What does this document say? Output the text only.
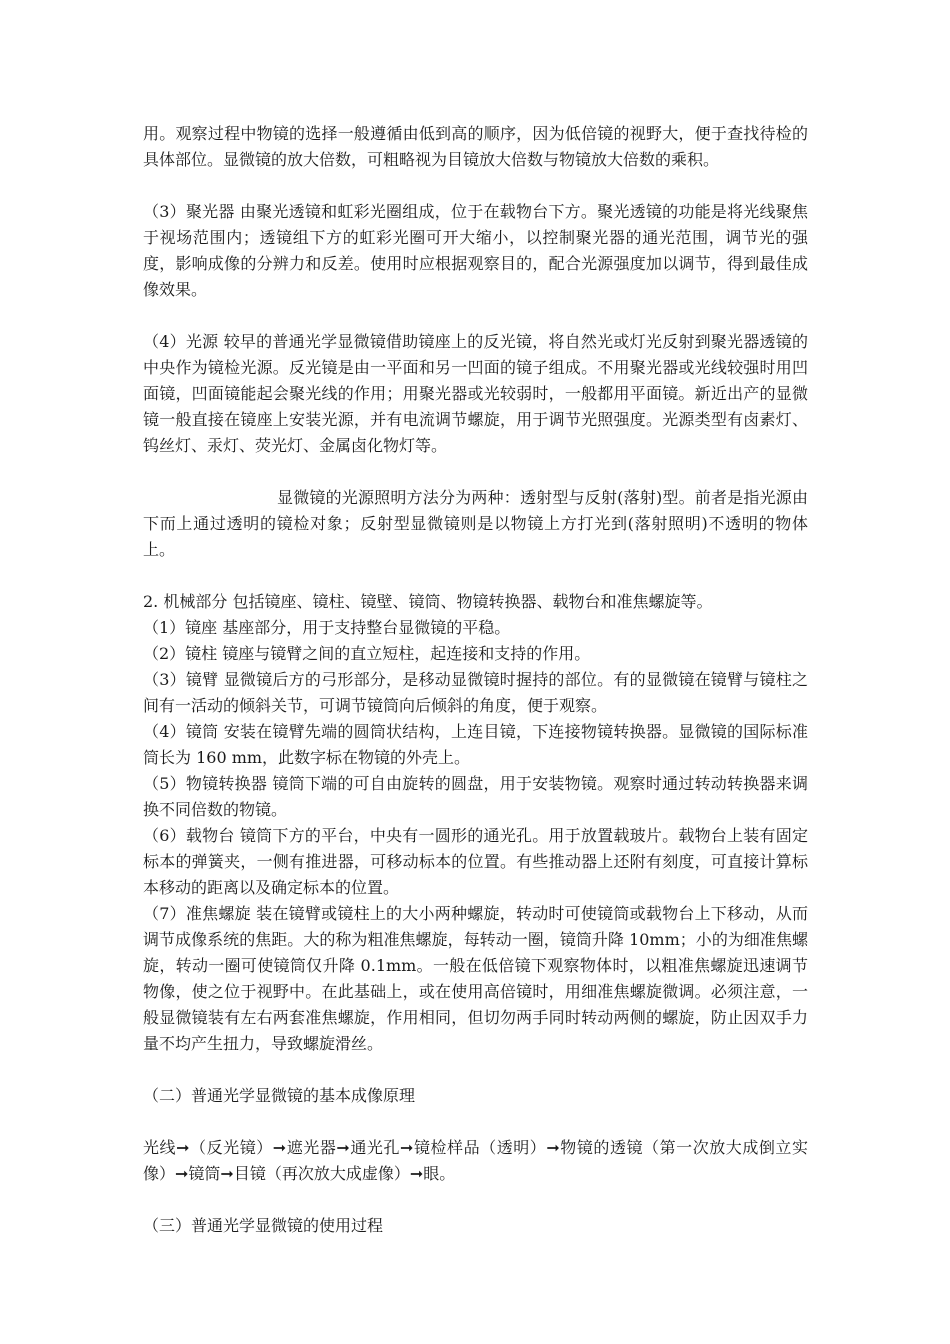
用。观察过程中物镜的选择一般遵循由低到高的顺序，因为低倍镜的视野大，便于查找待检的具体部位。显微镜的放大倍数，可粗略视为目镜放大倍数与物镜放大倍数的乘积。

（3）聚光器 由聚光透镜和虹彩光圈组成，位于在载物台下方。聚光透镜的功能是将光线聚焦于视场范围内；透镜组下方的虹彩光圈可开大缩小，以控制聚光器的通光范围，调节光的强度，影响成像的分辨力和反差。使用时应根据观察目的，配合光源强度加以调节，得到最佳成像效果。

（4）光源 较早的普通光学显微镜借助镜座上的反光镜，将自然光或灯光反射到聚光器透镜的中央作为镜检光源。反光镜是由一平面和另一凹面的镜子组成。不用聚光器或光线较强时用凹面镜，凹面镜能起会聚光线的作用；用聚光器或光较弱时，一般都用平面镜。新近出产的显微镜一般直接在镜座上安装光源，并有电流调节螺旋，用于调节光照强度。光源类型有卤素灯、钨丝灯、汞灯、荧光灯、金属卤化物灯等。

显微镜的光源照明方法分为两种：透射型与反射(落射)型。前者是指光源由下而上通过透明的镜检对象；反射型显微镜则是以物镜上方打光到(落射照明)不透明的物体上。

2. 机械部分 包括镜座、镜柱、镜壁、镜筒、物镜转换器、载物台和准焦螺旋等。

（1）镜座 基座部分，用于支持整台显微镜的平稳。

（2）镜柱 镜座与镜臂之间的直立短柱，起连接和支持的作用。

（3）镜臂 显微镜后方的弓形部分，是移动显微镜时握持的部位。有的显微镜在镜臂与镜柱之间有一活动的倾斜关节，可调节镜筒向后倾斜的角度，便于观察。

（4）镜筒 安装在镜臂先端的圆筒状结构，上连目镜，下连接物镜转换器。显微镜的国际标准筒长为 160 mm，此数字标在物镜的外壳上。

（5）物镜转换器 镜筒下端的可自由旋转的圆盘，用于安装物镜。观察时通过转动转换器来调换不同倍数的物镜。

（6）载物台 镜筒下方的平台，中央有一圆形的通光孔。用于放置载玻片。载物台上装有固定标本的弹簧夹，一侧有推进器，可移动标本的位置。有些推动器上还附有刻度，可直接计算标本移动的距离以及确定标本的位置。

（7）准焦螺旋 装在镜臂或镜柱上的大小两种螺旋，转动时可使镜筒或载物台上下移动，从而调节成像系统的焦距。大的称为粗准焦螺旋，每转动一圈，镜筒升降 10mm；小的为细准焦螺旋，转动一圈可使镜筒仅升降 0.1mm。一般在低倍镜下观察物体时，以粗准焦螺旋迅速调节物像，使之位于视野中。在此基础上，或在使用高倍镜时，用细准焦螺旋微调。必须注意，一般显微镜装有左右两套准焦螺旋，作用相同，但切勿两手同时转动两侧的螺旋，防止因双手力量不均产生扭力，导致螺旋滑丝。

（二）普通光学显微镜的基本成像原理

光线➞（反光镜）➞遮光器➞通光孔➞镜检样品（透明）➞物镜的透镜（第一次放大成倒立实像）➞镜筒➞目镜（再次放大成虚像）➞眼。

（三）普通光学显微镜的使用过程
